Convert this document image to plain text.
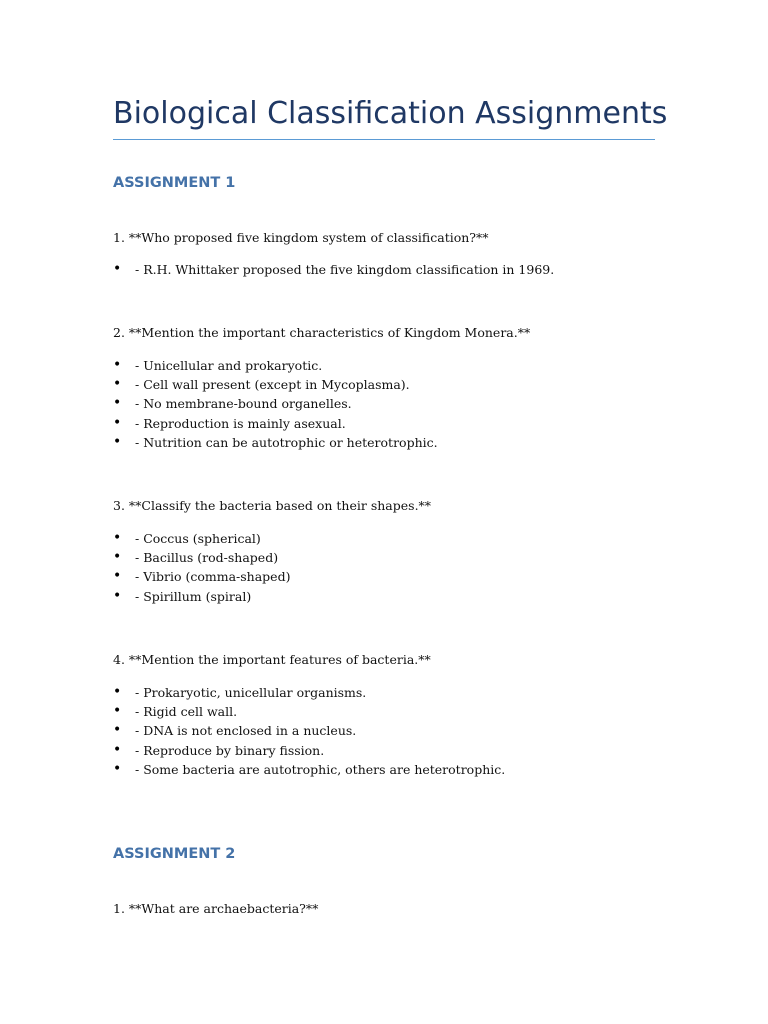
Biological Classification Assignments
ASSIGNMENT 1

1. **Who proposed five kingdom system of classification?**

• - R.H. Whittaker proposed the five kingdom classification in 1969.

2. **Mention the important characteristics of Kingdom Monera.**

• - Unicellular and prokaryotic.
• - Cell wall present (except in Mycoplasma).
• - No membrane-bound organelles.
• - Reproduction is mainly asexual.
• - Nutrition can be autotrophic or heterotrophic.

3. **Classify the bacteria based on their shapes.**

• - Coccus (spherical)
• - Bacillus (rod-shaped)
• - Vibrio (comma-shaped)
• - Spirillum (spiral)

4. **Mention the important features of bacteria.**

• - Prokaryotic, unicellular organisms.
• - Rigid cell wall.
• - DNA is not enclosed in a nucleus.
• - Reproduce by binary fission.
• - Some bacteria are autotrophic, others are heterotrophic.
ASSIGNMENT 2

1. **What are archaebacteria?**
